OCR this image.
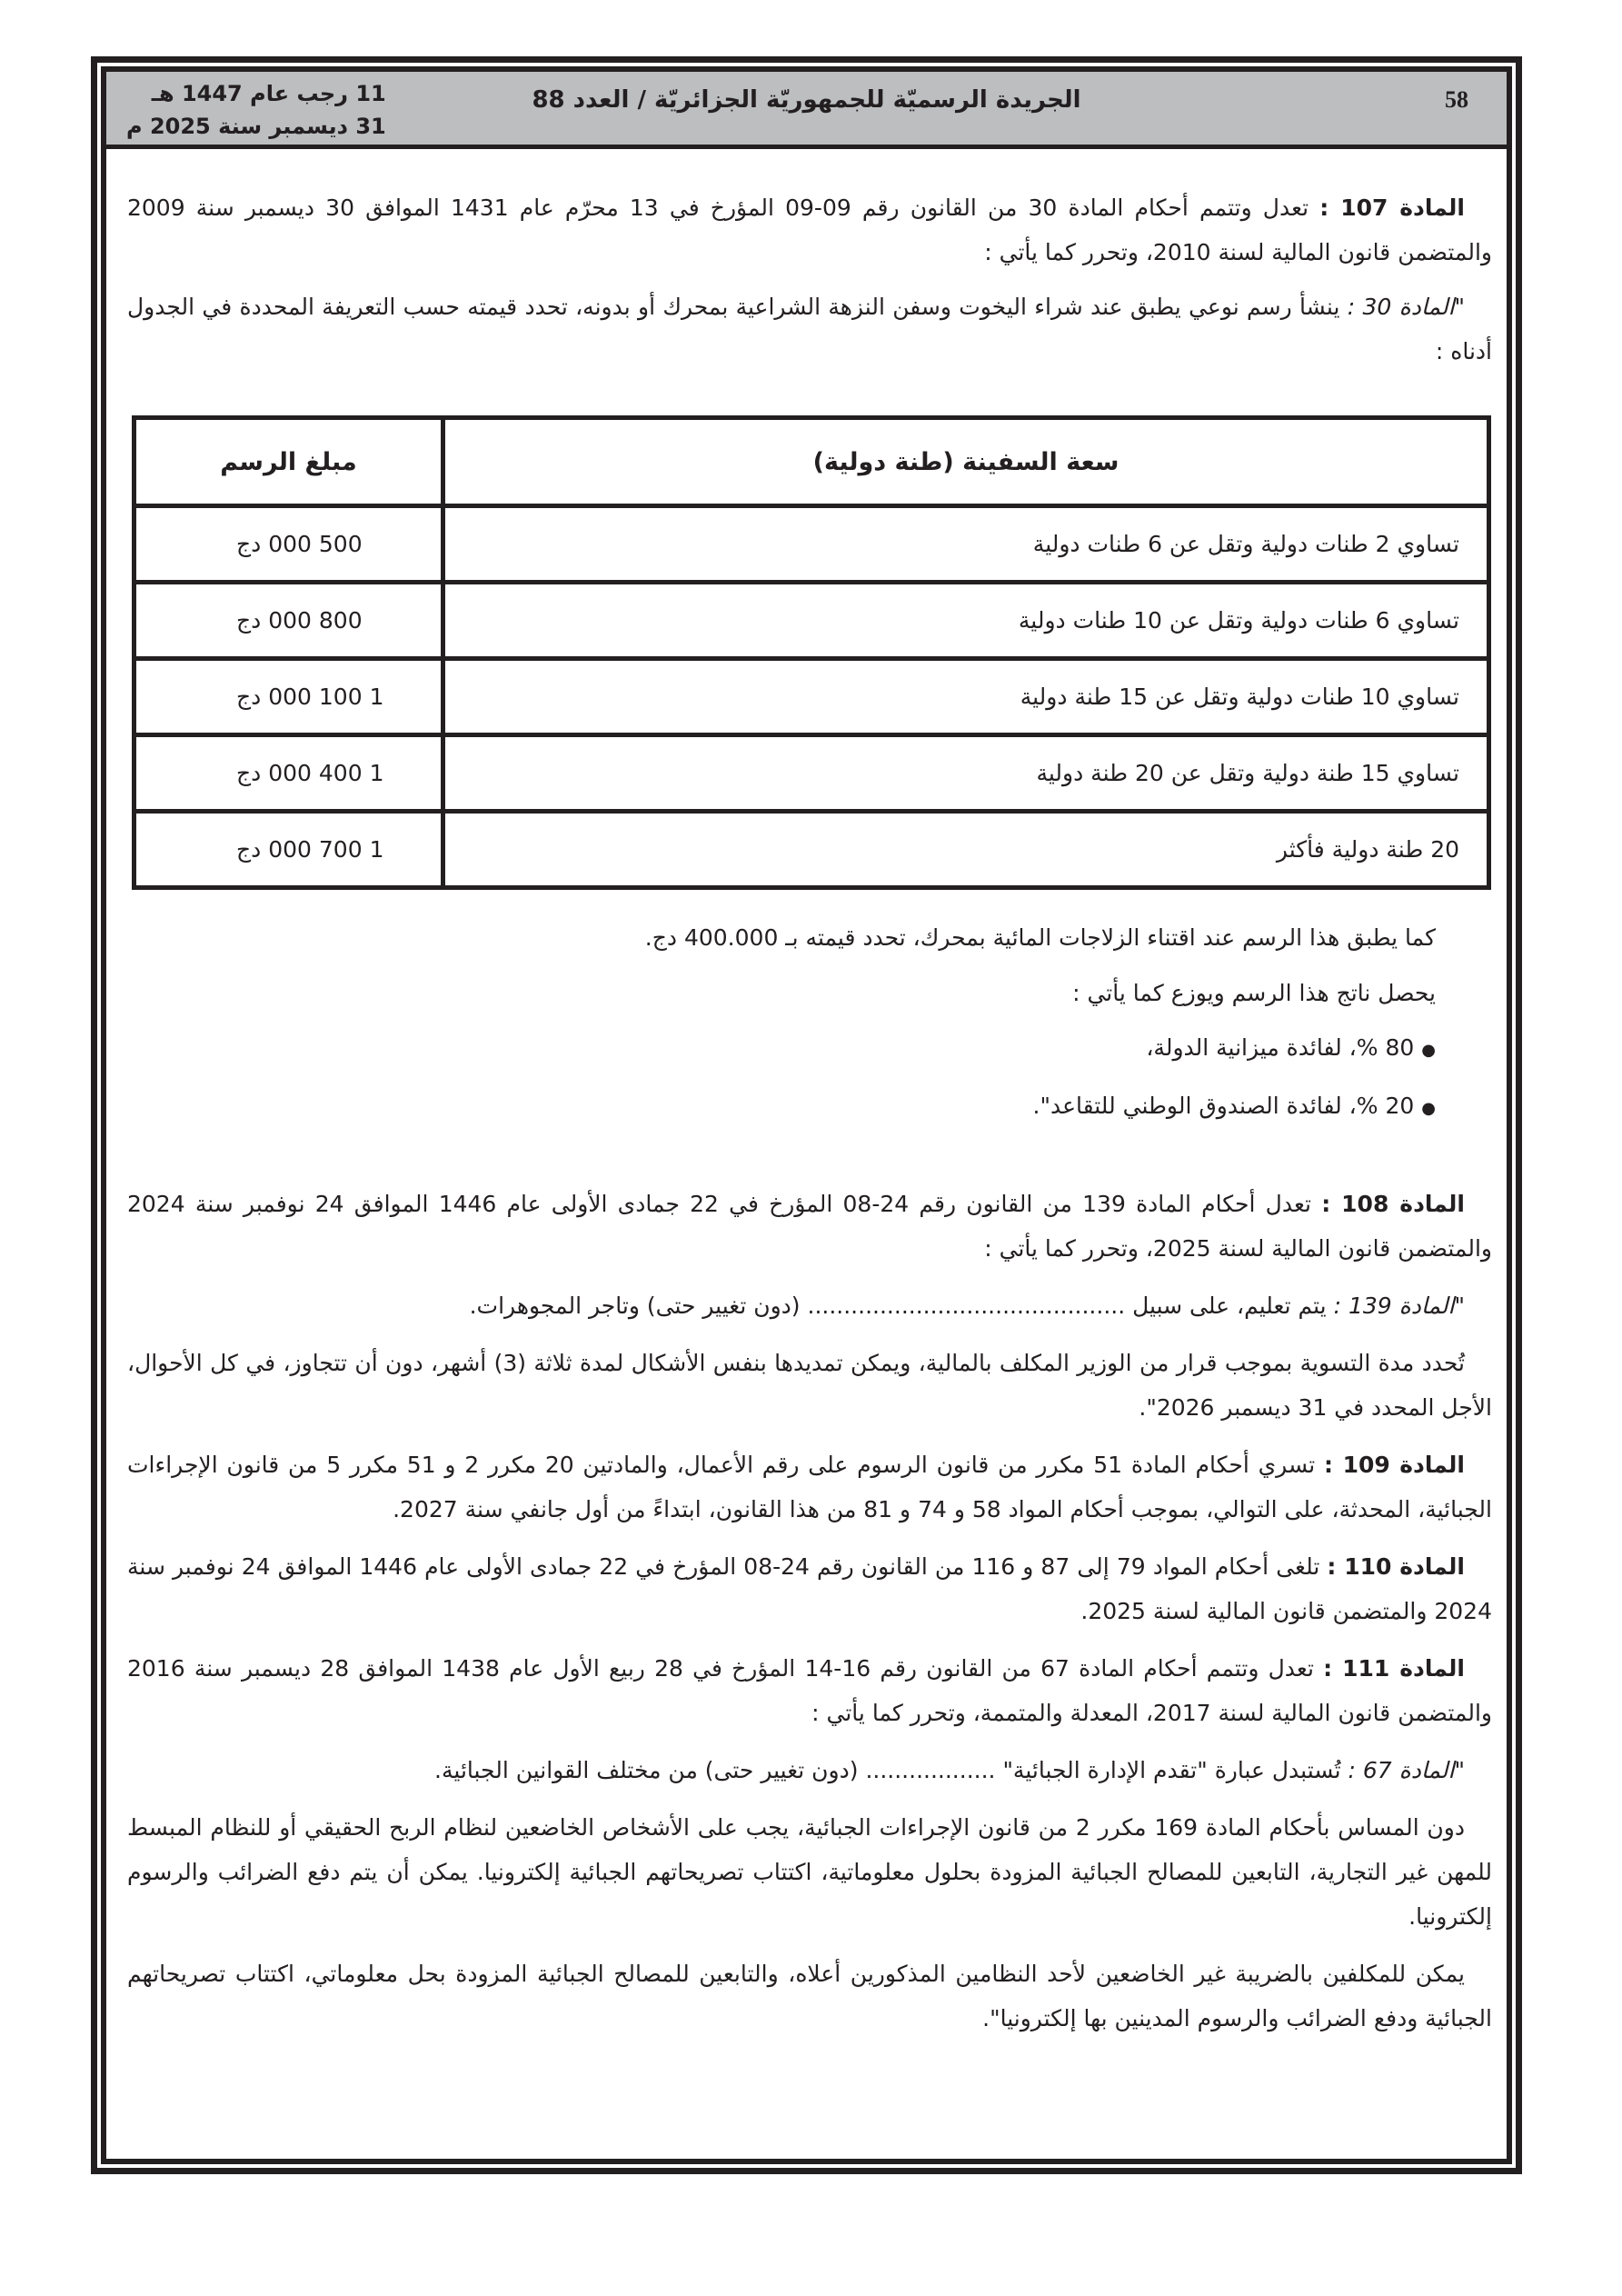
58
الجريدة الرسميّة للجمهوريّة الجزائريّة / العدد 88
11 رجب عام 1447 هـ
31 ديسمبر سنة 2025 م

المادة 107 : تعدل وتتمم أحكام المادة 30 من القانون رقم 09-09 المؤرخ في 13 محرّم عام 1431 الموافق 30 ديسمبر سنة 2009 والمتضمن قانون المالية لسنة 2010، وتحرر كما يأتي :

"المادة 30 : ينشأ رسم نوعي يطبق عند شراء اليخوت وسفن النزهة الشراعية بمحرك أو بدونه، تحدد قيمته حسب التعريفة المحددة في الجدول أدناه :

سعة السفينة (طنة دولية)	مبلغ الرسم
تساوي 2 طنات دولية وتقل عن 6 طنات دولية	500 000 دج
تساوي 6 طنات دولية وتقل عن 10 طنات دولية	800 000 دج
تساوي 10 طنات دولية وتقل عن 15 طنة دولية	1 100 000 دج
تساوي 15 طنة دولية وتقل عن 20 طنة دولية	1 400 000 دج
20 طنة دولية فأكثر	1 700 000 دج

كما يطبق هذا الرسم عند اقتناء الزلاجات المائية بمحرك، تحدد قيمته بـ 400.000 دج.

يحصل ناتج هذا الرسم ويوزع كما يأتي :

● 80 %، لفائدة ميزانية الدولة،

● 20 %، لفائدة الصندوق الوطني للتقاعد".

المادة 108 : تعدل أحكام المادة 139 من القانون رقم 24-08 المؤرخ في 22 جمادى الأولى عام 1446 الموافق 24 نوفمبر سنة 2024 والمتضمن قانون المالية لسنة 2025، وتحرر كما يأتي :

"المادة 139 : يتم تعليم، على سبيل ............................................ (دون تغيير حتى) وتاجر المجوهرات.

تُحدد مدة التسوية بموجب قرار من الوزير المكلف بالمالية، ويمكن تمديدها بنفس الأشكال لمدة ثلاثة (3) أشهر، دون أن تتجاوز، في كل الأحوال، الأجل المحدد في 31 ديسمبر 2026".

المادة 109 : تسري أحكام المادة 51 مكرر من قانون الرسوم على رقم الأعمال، والمادتين 20 مكرر 2 و 51 مكرر 5 من قانون الإجراءات الجبائية، المحدثة، على التوالي، بموجب أحكام المواد 58 و 74 و 81 من هذا القانون، ابتداءً من أول جانفي سنة 2027.

المادة 110 : تلغى أحكام المواد 79 إلى 87 و 116 من القانون رقم 24-08 المؤرخ في 22 جمادى الأولى عام 1446 الموافق 24 نوفمبر سنة 2024 والمتضمن قانون المالية لسنة 2025.

المادة 111 : تعدل وتتمم أحكام المادة 67 من القانون رقم 16-14 المؤرخ في 28 ربيع الأول عام 1438 الموافق 28 ديسمبر سنة 2016 والمتضمن قانون المالية لسنة 2017، المعدلة والمتممة، وتحرر كما يأتي :

"المادة 67 : تُستبدل عبارة "تقدم الإدارة الجبائية" .................. (دون تغيير حتى) من مختلف القوانين الجبائية.

دون المساس بأحكام المادة 169 مكرر 2 من قانون الإجراءات الجبائية، يجب على الأشخاص الخاضعين لنظام الربح الحقيقي أو للنظام المبسط للمهن غير التجارية، التابعين للمصالح الجبائية المزودة بحلول معلوماتية، اكتتاب تصريحاتهم الجبائية إلكترونيا. يمكن أن يتم دفع الضرائب والرسوم إلكترونيا.

يمكن للمكلفين بالضريبة غير الخاضعين لأحد النظامين المذكورين أعلاه، والتابعين للمصالح الجبائية المزودة بحل معلوماتي، اكتتاب تصريحاتهم الجبائية ودفع الضرائب والرسوم المدينين بها إلكترونيا".
